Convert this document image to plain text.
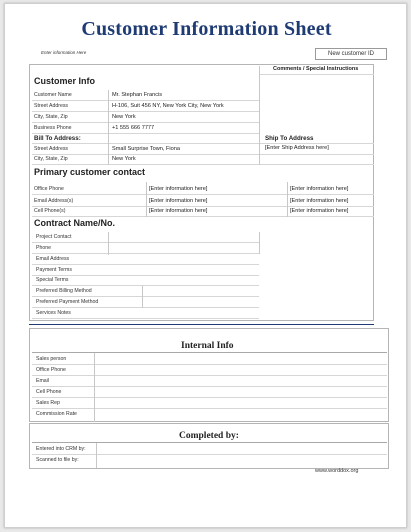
Customer Information Sheet
Enter information Here	New customer ID
Comments / Special Instructions
Customer Info
Customer Name	Mr. Stephan Francis
Street Address	H-106, Suit 456 NY, New York City, New York
City, State, Zip	New York
Business Phone	+1 555 666 7777
Bill To Address:	Ship To Address
Street Address	Small Surprise Town, Fiona	[Enter Ship Address here]
City, State, Zip	New York
Primary customer contact
Office Phone	[Enter information here]	[Enter information here]
Email Address(s)	[Enter information here]	[Enter information here]
Cell Phone(s)	[Enter information here]	[Enter information here]
Contract Name/No.
Project Contact
Phone
Email Address
Payment Terms
Special Terms
Preferred Billing Method
Preferred Payment Method
Services Notes
Internal Info
Sales person
Office Phone
Email
Cell Phone
Sales Rep
Commission Rate
Completed by:
Entered into CRM by:
Scanned to file by:
www.worddox.org
